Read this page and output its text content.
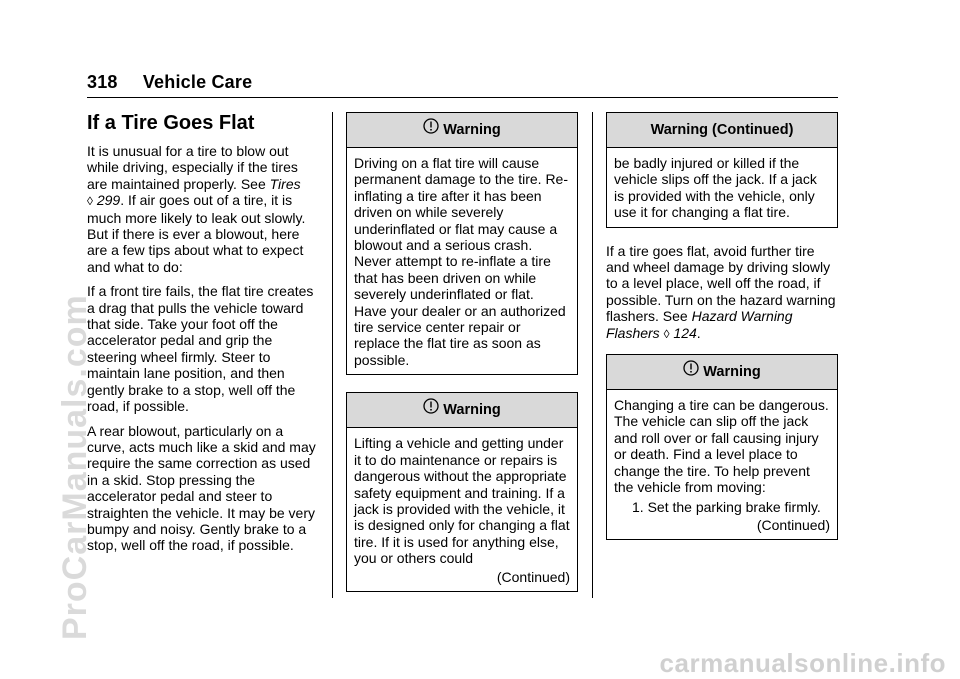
318 Vehicle Care
If a Tire Goes Flat

It is unusual for a tire to blow out while driving, especially if the tires are maintained properly. See Tires
◊ 299. If air goes out of a tire, it is much more likely to leak out slowly. But if there is ever a blowout, here are a few tips about what to expect and what to do:

If a front tire fails, the flat tire creates a drag that pulls the vehicle toward that side. Take your foot off the accelerator pedal and grip the steering wheel firmly. Steer to maintain lane position, and then gently brake to a stop, well off the road, if possible.

A rear blowout, particularly on a curve, acts much like a skid and may require the same correction as used in a skid. Stop pressing the accelerator pedal and steer to straighten the vehicle. It may be very bumpy and noisy. Gently brake to a stop, well off the road, if possible.

Warning
Driving on a flat tire will cause permanent damage to the tire. Re-inflating a tire after it has been driven on while severely underinflated or flat may cause a blowout and a serious crash. Never attempt to re-inflate a tire that has been driven on while severely underinflated or flat. Have your dealer or an authorized tire service center repair or replace the flat tire as soon as possible.
Warning
Lifting a vehicle and getting under it to do maintenance or repairs is dangerous without the appropriate safety equipment and training. If a jack is provided with the vehicle, it is designed only for changing a flat tire. If it is used for anything else, you or others could
(Continued)
Warning (Continued)
be badly injured or killed if the vehicle slips off the jack. If a jack is provided with the vehicle, only use it for changing a flat tire.

If a tire goes flat, avoid further tire and wheel damage by driving slowly to a level place, well off the road, if possible. Turn on the hazard warning flashers. See Hazard Warning Flashers ◊ 124.

Warning
Changing a tire can be dangerous. The vehicle can slip off the jack and roll over or fall causing injury or death. Find a level place to change the tire. To help prevent the vehicle from moving:
1. Set the parking brake firmly.
(Continued)
ProCarManuals.com
carmanualsonline.info
